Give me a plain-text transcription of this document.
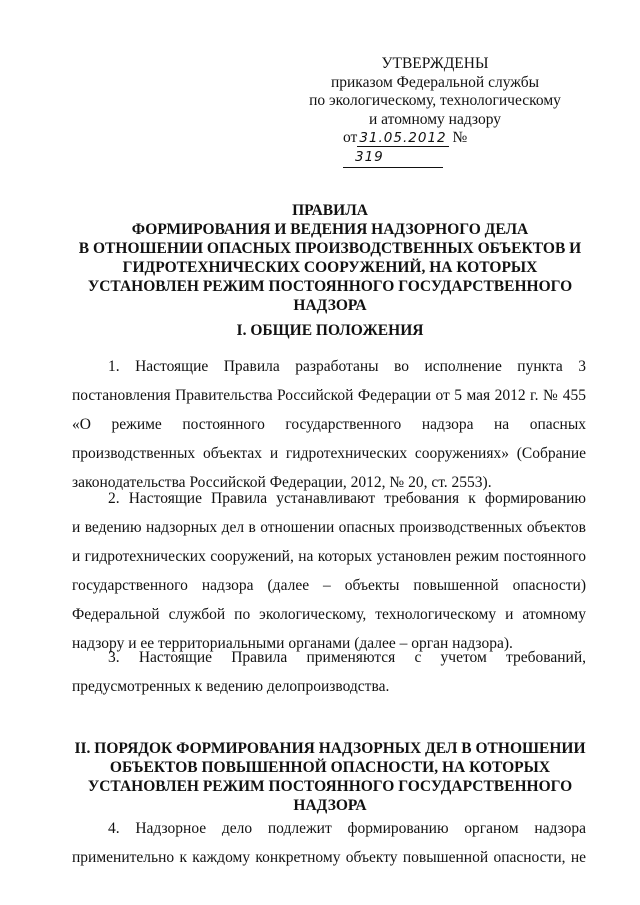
УТВЕРЖДЕНЫ
приказом Федеральной службы
по экологическому, технологическому
и атомному надзору
от 31.05.2012 № 319
ПРАВИЛА
ФОРМИРОВАНИЯ И ВЕДЕНИЯ НАДЗОРНОГО ДЕЛА
В ОТНОШЕНИИ ОПАСНЫХ ПРОИЗВОДСТВЕННЫХ ОБЪЕКТОВ И
ГИДРОТЕХНИЧЕСКИХ СООРУЖЕНИЙ, НА КОТОРЫХ
УСТАНОВЛЕН РЕЖИМ ПОСТОЯННОГО ГОСУДАРСТВЕННОГО
НАДЗОРА
I. ОБЩИЕ ПОЛОЖЕНИЯ
1. Настоящие Правила разработаны во исполнение пункта 3
постановления Правительства Российской Федерации от 5 мая 2012 г. № 455
«О режиме постоянного государственного надзора на опасных
производственных объектах и гидротехнических сооружениях» (Собрание
законодательства Российской Федерации, 2012, № 20, ст. 2553).
2. Настоящие Правила устанавливают требования к формированию
и ведению надзорных дел в отношении опасных производственных объектов
и гидротехнических сооружений, на которых установлен режим постоянного
государственного надзора (далее – объекты повышенной опасности)
Федеральной службой по экологическому, технологическому и атомному
надзору и ее территориальными органами (далее – орган надзора).
3. Настоящие Правила применяются с учетом требований,
предусмотренных к ведению делопроизводства.
II. ПОРЯДОК ФОРМИРОВАНИЯ НАДЗОРНЫХ ДЕЛ В ОТНОШЕНИИ
ОБЪЕКТОВ ПОВЫШЕННОЙ ОПАСНОСТИ, НА КОТОРЫХ
УСТАНОВЛЕН РЕЖИМ ПОСТОЯННОГО ГОСУДАРСТВЕННОГО
НАДЗОРА
4. Надзорное дело подлежит формированию органом надзора
применительно к каждому конкретному объекту повышенной опасности, не
